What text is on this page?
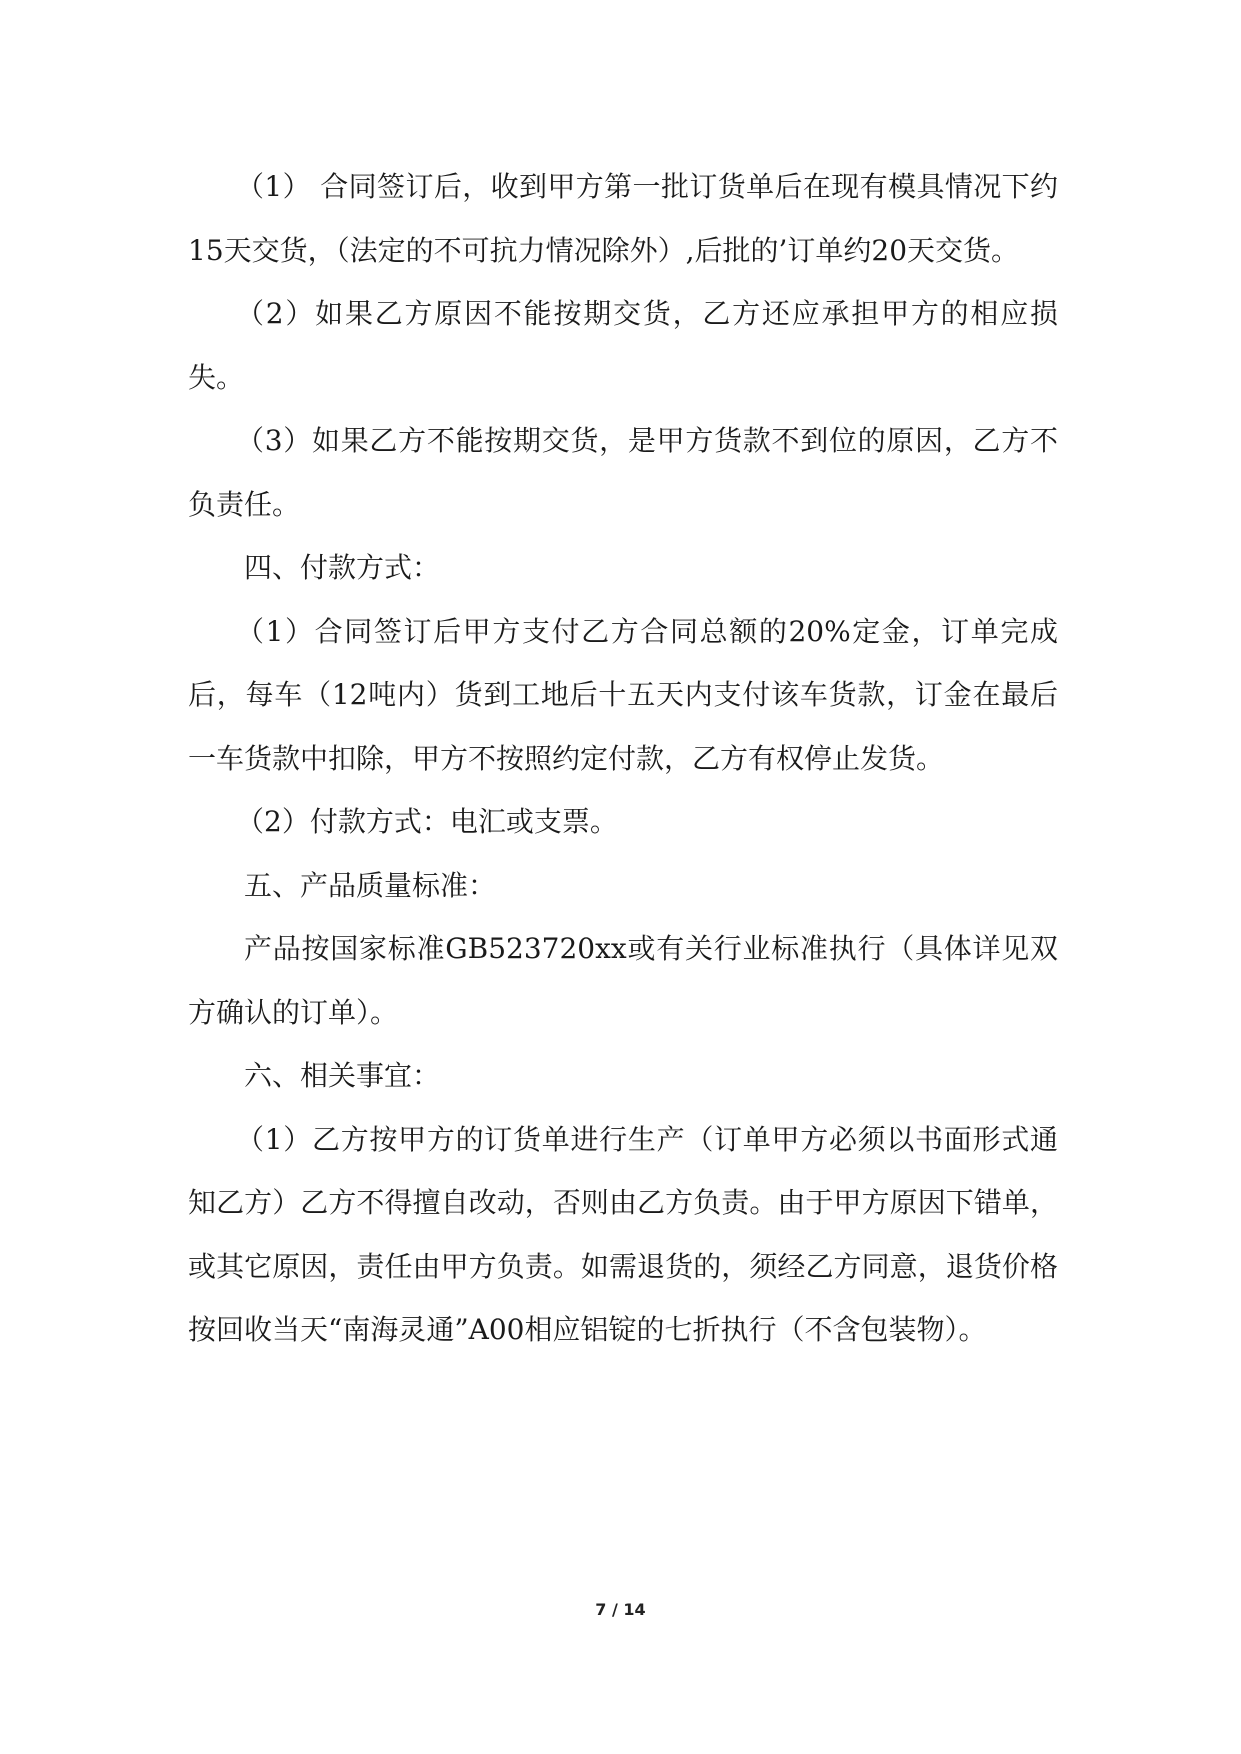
（1） 合同签订后，收到甲方第一批订货单后在现有模具情况下约15天交货，（法定的不可抗力情况除外）,后批的’订单约20天交货。

（2）如果乙方原因不能按期交货，乙方还应承担甲方的相应损失。

（3）如果乙方不能按期交货，是甲方货款不到位的原因，乙方不负责任。

四、付款方式：

（1）合同签订后甲方支付乙方合同总额的20%定金，订单完成后，每车（12吨内）货到工地后十五天内支付该车货款，订金在最后一车货款中扣除，甲方不按照约定付款，乙方有权停止发货。

（2）付款方式：电汇或支票。

五、产品质量标准：

产品按国家标准GB523720xx或有关行业标准执行（具体详见双方确认的订单）。

六、相关事宜：

（1）乙方按甲方的订货单进行生产（订单甲方必须以书面形式通知乙方）乙方不得擅自改动，否则由乙方负责。由于甲方原因下错单，或其它原因，责任由甲方负责。如需退货的，须经乙方同意，退货价格按回收当天“南海灵通”A00相应铝锭的七折执行（不含包装物）。

7 / 14
